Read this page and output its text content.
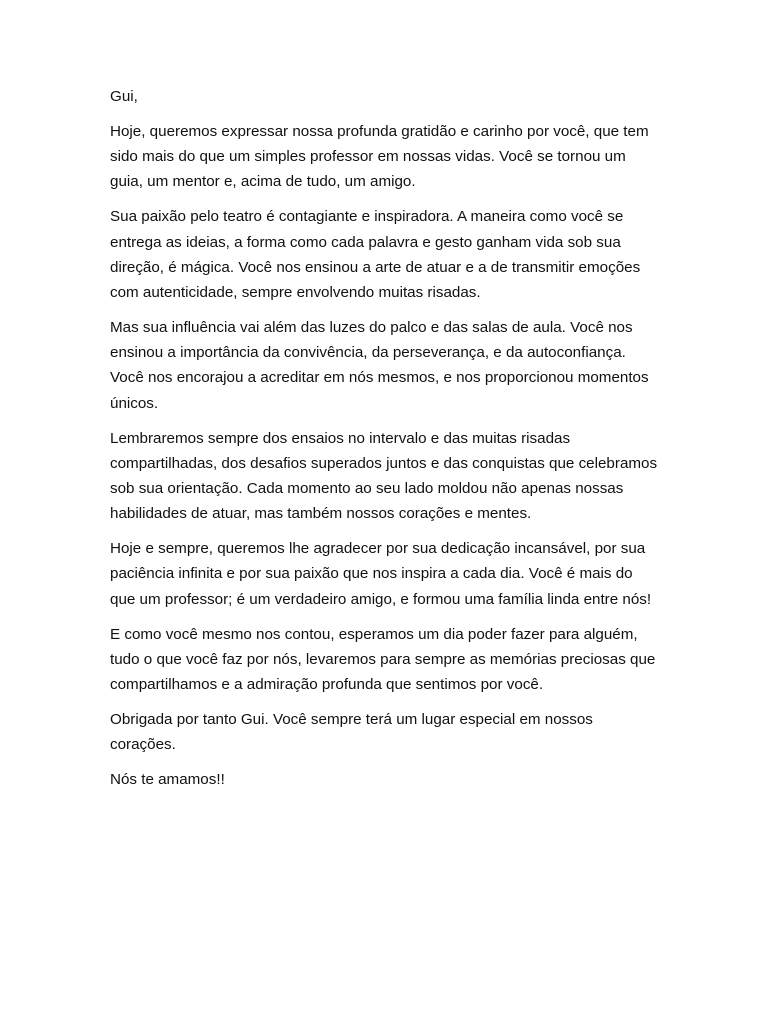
Gui,

Hoje, queremos expressar nossa profunda gratidão e carinho por você, que tem sido mais do que um simples professor em nossas vidas. Você se tornou um guia, um mentor e, acima de tudo, um amigo.

Sua paixão pelo teatro é contagiante e inspiradora. A maneira como você se entrega as ideias, a forma como cada palavra e gesto ganham vida sob sua direção, é mágica. Você nos ensinou a arte de atuar e a de transmitir emoções com autenticidade, sempre envolvendo muitas risadas.

Mas sua influência vai além das luzes do palco e das salas de aula. Você nos ensinou a importância da convivência, da perseverança, e da autoconfiança. Você nos encorajou a acreditar em nós mesmos, e nos proporcionou momentos únicos.

Lembraremos sempre dos ensaios no intervalo e das muitas risadas compartilhadas, dos desafios superados juntos e das conquistas que celebramos sob sua orientação. Cada momento ao seu lado moldou não apenas nossas habilidades de atuar, mas também nossos corações e mentes.

Hoje e sempre, queremos lhe agradecer por sua dedicação incansável, por sua paciência infinita e por sua paixão que nos inspira a cada dia. Você é mais do que um professor; é um verdadeiro amigo, e formou uma família linda entre nós!

E como você mesmo nos contou, esperamos um dia poder fazer para alguém, tudo o que você faz por nós, levaremos para sempre as memórias preciosas que compartilhamos e a admiração profunda que sentimos por você.

Obrigada por tanto Gui. Você sempre terá um lugar especial em nossos corações.

Nós te amamos!!
